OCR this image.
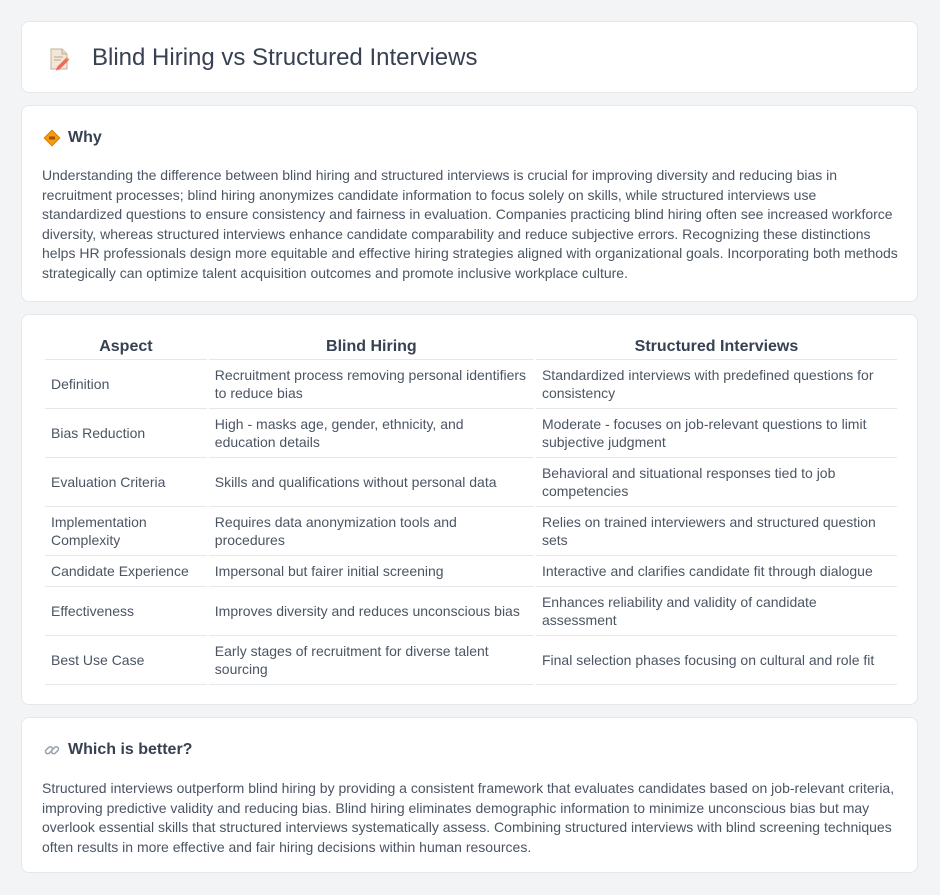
Blind Hiring vs Structured Interviews
Why

Understanding the difference between blind hiring and structured interviews is crucial for improving diversity and reducing bias in recruitment processes; blind hiring anonymizes candidate information to focus solely on skills, while structured interviews use standardized questions to ensure consistency and fairness in evaluation. Companies practicing blind hiring often see increased workforce diversity, whereas structured interviews enhance candidate comparability and reduce subjective errors. Recognizing these distinctions helps HR professionals design more equitable and effective hiring strategies aligned with organizational goals. Incorporating both methods strategically can optimize talent acquisition outcomes and promote inclusive workplace culture.

Aspect	Blind Hiring	Structured Interviews
Definition	Recruitment process removing personal identifiers to reduce bias	Standardized interviews with predefined questions for consistency
Bias Reduction	High - masks age, gender, ethnicity, and education details	Moderate - focuses on job-relevant questions to limit subjective judgment
Evaluation Criteria	Skills and qualifications without personal data	Behavioral and situational responses tied to job competencies
Implementation Complexity	Requires data anonymization tools and procedures	Relies on trained interviewers and structured question sets
Candidate Experience	Impersonal but fairer initial screening	Interactive and clarifies candidate fit through dialogue
Effectiveness	Improves diversity and reduces unconscious bias	Enhances reliability and validity of candidate assessment
Best Use Case	Early stages of recruitment for diverse talent sourcing	Final selection phases focusing on cultural and role fit
Which is better?

Structured interviews outperform blind hiring by providing a consistent framework that evaluates candidates based on job-relevant criteria, improving predictive validity and reducing bias. Blind hiring eliminates demographic information to minimize unconscious bias but may overlook essential skills that structured interviews systematically assess. Combining structured interviews with blind screening techniques often results in more effective and fair hiring decisions within human resources.
